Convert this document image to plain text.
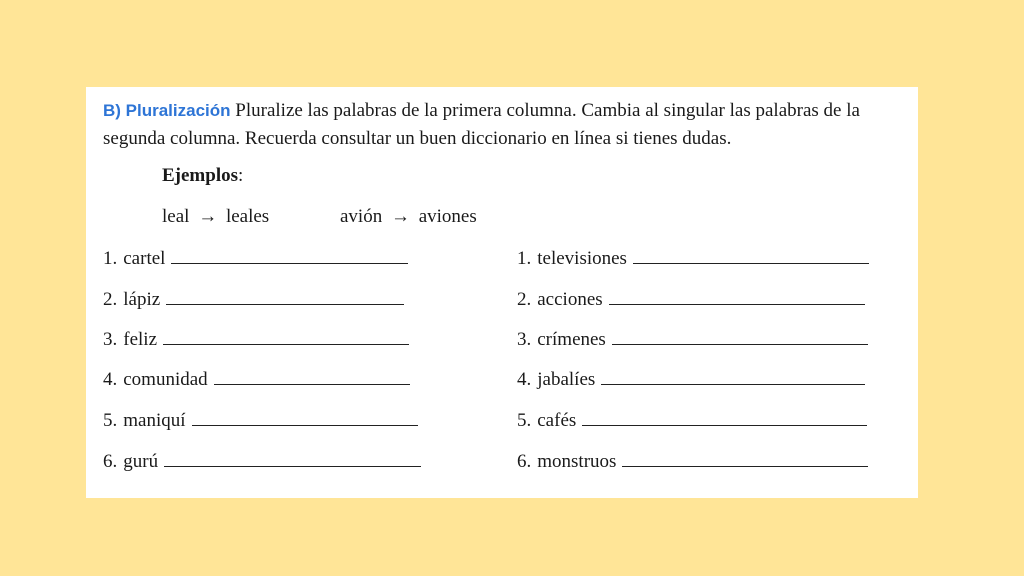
B) Pluralización Pluralize las palabras de la primera columna. Cambia al singular las palabras de la segunda columna. Recuerda consultar un buen diccionario en línea si tienes dudas.

Ejemplos:

leal → leales	avión → aviones
1. cartel
2. lápiz
3. feliz
4. comunidad
5. maniquí
6. gurú
1. televisiones
2. acciones
3. crímenes
4. jabalíes
5. cafés
6. monstruos
